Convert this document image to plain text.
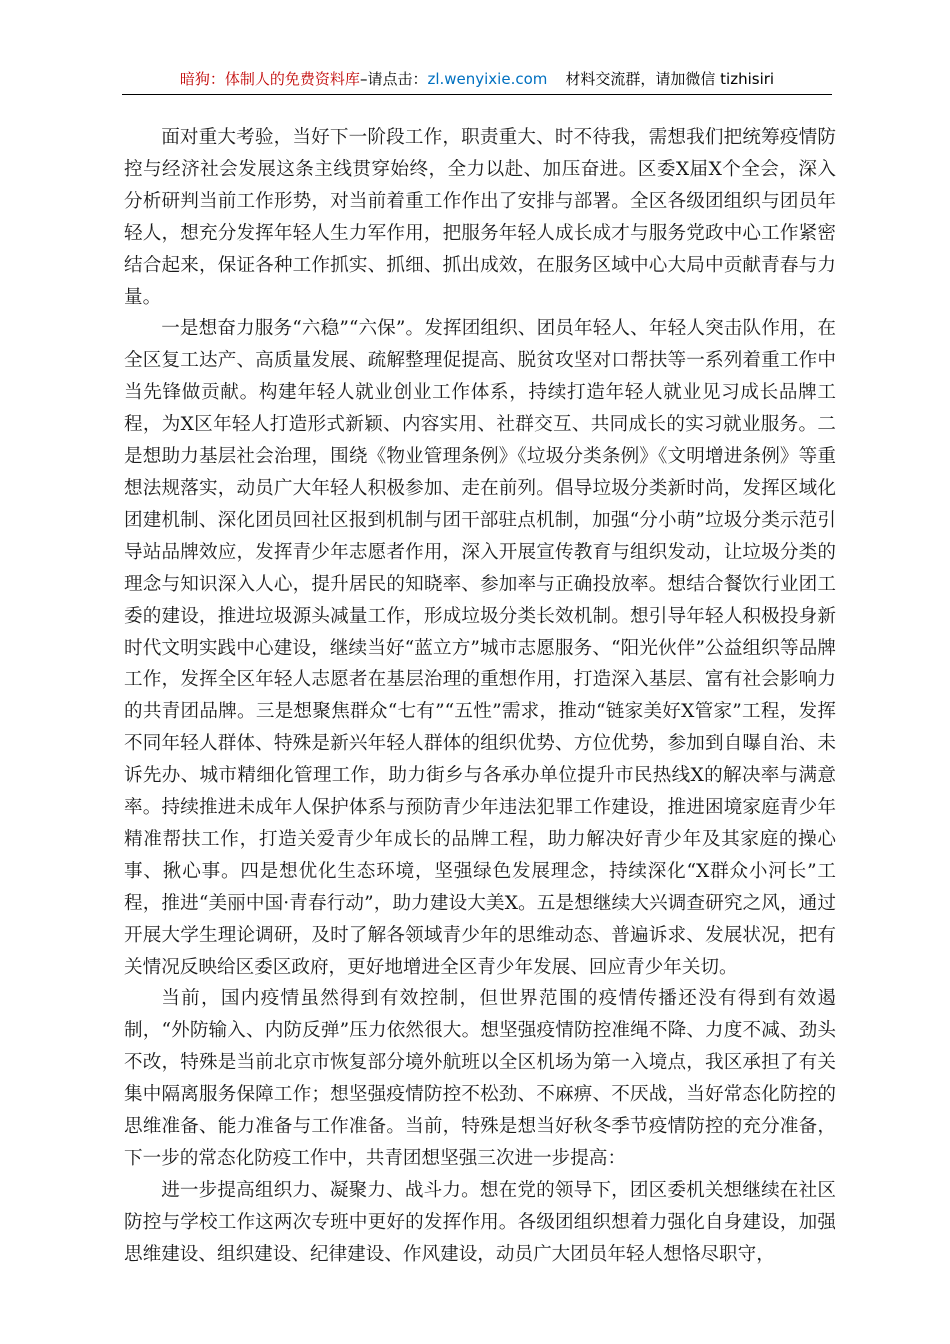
暗狗：体制人的免费资料库–请点击：zl.wenyixie.com 材料交流群，请加微信 tizhisiri

面对重大考验，当好下一阶段工作，职责重大、时不待我，需想我们把统筹疫情防控与经济社会发展这条主线贯穿始终，全力以赴、加压奋进。区委X届X个全会，深入分析研判当前工作形势，对当前着重工作作出了安排与部署。全区各级团组织与团员年轻人，想充分发挥年轻人生力军作用，把服务年轻人成长成才与服务党政中心工作紧密结合起来，保证各种工作抓实、抓细、抓出成效，在服务区域中心大局中贡献青春与力量。

一是想奋力服务“六稳”“六保”。发挥团组织、团员年轻人、年轻人突击队作用，在全区复工达产、高质量发展、疏解整理促提高、脱贫攻坚对口帮扶等一系列着重工作中当先锋做贡献。构建年轻人就业创业工作体系，持续打造年轻人就业见习成长品牌工程，为X区年轻人打造形式新颖、内容实用、社群交互、共同成长的实习就业服务。二是想助力基层社会治理，围绕《物业管理条例》《垃圾分类条例》《文明增进条例》等重想法规落实，动员广大年轻人积极参加、走在前列。倡导垃圾分类新时尚，发挥区域化团建机制、深化团员回社区报到机制与团干部驻点机制，加强“分小萌”垃圾分类示范引导站品牌效应，发挥青少年志愿者作用，深入开展宣传教育与组织发动，让垃圾分类的理念与知识深入人心，提升居民的知晓率、参加率与正确投放率。想结合餐饮行业团工委的建设，推进垃圾源头减量工作，形成垃圾分类长效机制。想引导年轻人积极投身新时代文明实践中心建设，继续当好“蓝立方”城市志愿服务、“阳光伙伴”公益组织等品牌工作，发挥全区年轻人志愿者在基层治理的重想作用，打造深入基层、富有社会影响力的共青团品牌。三是想聚焦群众“七有”“五性”需求，推动“链家美好X管家”工程，发挥不同年轻人群体、特殊是新兴年轻人群体的组织优势、方位优势，参加到自曝自治、未诉先办、城市精细化管理工作，助力街乡与各承办单位提升市民热线X的解决率与满意率。持续推进未成年人保护体系与预防青少年违法犯罪工作建设，推进困境家庭青少年精准帮扶工作，打造关爱青少年成长的品牌工程，助力解决好青少年及其家庭的操心事、揪心事。四是想优化生态环境，坚强绿色发展理念，持续深化“X群众小河长”工程，推进“美丽中国·青春行动”，助力建设大美X。五是想继续大兴调查研究之风，通过开展大学生理论调研，及时了解各领域青少年的思维动态、普遍诉求、发展状况，把有关情况反映给区委区政府，更好地增进全区青少年发展、回应青少年关切。

当前，国内疫情虽然得到有效控制，但世界范围的疫情传播还没有得到有效遏制，“外防输入、内防反弹”压力依然很大。想坚强疫情防控准绳不降、力度不减、劲头不改，特殊是当前北京市恢复部分境外航班以全区机场为第一入境点，我区承担了有关集中隔离服务保障工作；想坚强疫情防控不松劲、不麻痹、不厌战，当好常态化防控的思维准备、能力准备与工作准备。当前，特殊是想当好秋冬季节疫情防控的充分准备，下一步的常态化防疫工作中，共青团想坚强三次进一步提高：

进一步提高组织力、凝聚力、战斗力。想在党的领导下，团区委机关想继续在社区防控与学校工作这两次专班中更好的发挥作用。各级团组织想着力强化自身建设，加强思维建设、组织建设、纪律建设、作风建设，动员广大团员年轻人想恪尽职守，
